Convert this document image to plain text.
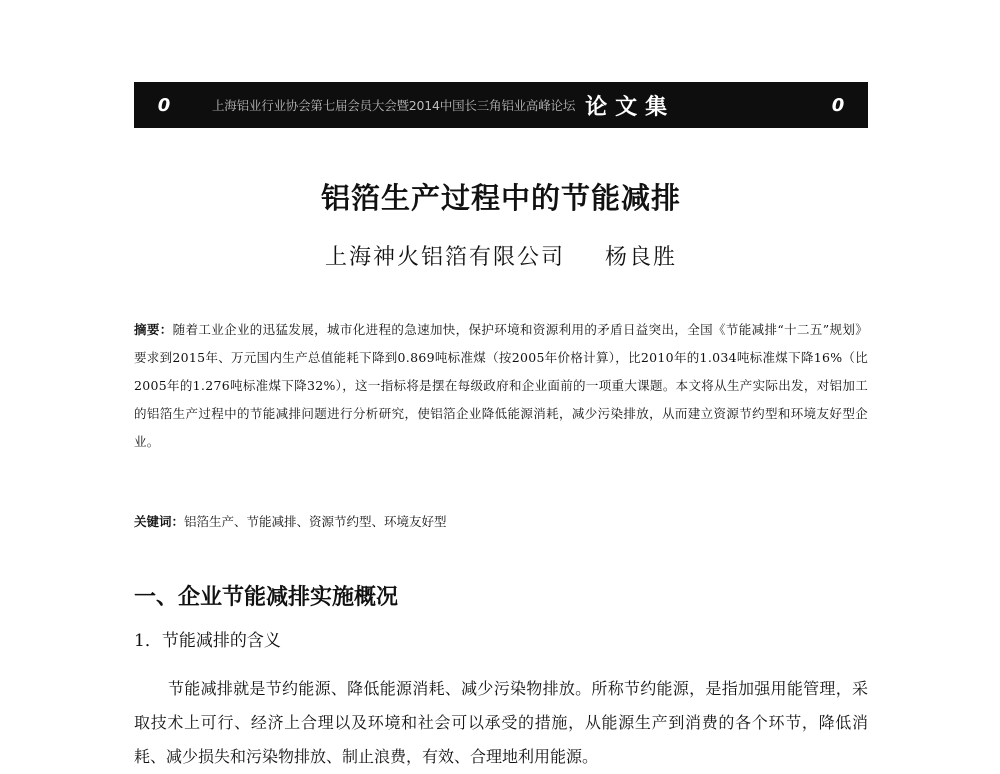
0	上海铝业行业协会第七届会员大会暨2014中国长三角铝业高峰论坛 论文集	0
铝箔生产过程中的节能减排
上海神火铝箔有限公司 杨良胜
摘要：随着工业企业的迅猛发展，城市化进程的急速加快，保护环境和资源利用的矛盾日益突出，全国《节能减排“十二五”规划》要求到2015年、万元国内生产总值能耗下降到0.869吨标准煤（按2005年价格计算），比2010年的1.034吨标准煤下降16%（比2005年的1.276吨标准煤下降32%），这一指标将是摆在每级政府和企业面前的一项重大课题。本文将从生产实际出发，对铝加工的铝箔生产过程中的节能减排问题进行分析研究，使铝箔企业降低能源消耗，减少污染排放，从而建立资源节约型和环境友好型企业。
关键词：铝箔生产、节能减排、资源节约型、环境友好型
一、企业节能减排实施概况
1．节能减排的含义
节能减排就是节约能源、降低能源消耗、减少污染物排放。所称节约能源，是指加强用能管理，采取技术上可行、经济上合理以及环境和社会可以承受的措施，从能源生产到消费的各个环节，降低消耗、减少损失和污染物排放、制止浪费，有效、合理地利用能源。
